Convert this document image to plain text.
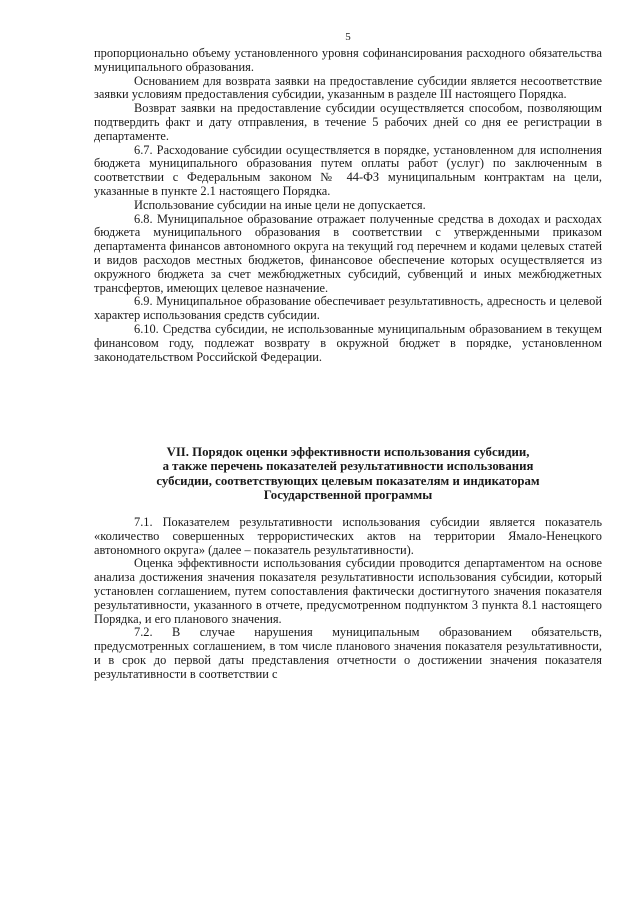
5

пропорционально объему установленного уровня софинансирования расходного обязательства муниципального образования.

Основанием для возврата заявки на предоставление субсидии является несоответствие заявки условиям предоставления субсидии, указанным в разделе III настоящего Порядка.

Возврат заявки на предоставление субсидии осуществляется способом, позволяющим подтвердить факт и дату отправления, в течение 5 рабочих дней со дня ее регистрации в департаменте.

6.7. Расходование субсидии осуществляется в порядке, установленном для исполнения бюджета муниципального образования путем оплаты работ (услуг) по заключенным в соответствии с Федеральным законом № 44-ФЗ муниципальным контрактам на цели, указанные в пункте 2.1 настоящего Порядка.

Использование субсидии на иные цели не допускается.

6.8. Муниципальное образование отражает полученные средства в доходах и расходах бюджета муниципального образования в соответствии с утвержденными приказом департамента финансов автономного округа на текущий год перечнем и кодами целевых статей и видов расходов местных бюджетов, финансовое обеспечение которых осуществляется из окружного бюджета за счет межбюджетных субсидий, субвенций и иных межбюджетных трансфертов, имеющих целевое назначение.

6.9. Муниципальное образование обеспечивает результативность, адресность и целевой характер использования средств субсидии.

6.10. Средства субсидии, не использованные муниципальным образованием в текущем финансовом году, подлежат возврату в окружной бюджет в порядке, установленном законодательством Российской Федерации.

VII. Порядок оценки эффективности использования субсидии,
а также перечень показателей результативности использования
субсидии, соответствующих целевым показателям и индикаторам
Государственной программы

7.1. Показателем результативности использования субсидии является показатель «количество совершенных террористических актов на территории Ямало-Ненецкого автономного округа» (далее – показатель результативности).

Оценка эффективности использования субсидии проводится департаментом на основе анализа достижения значения показателя результативности использования субсидии, который установлен соглашением, путем сопоставления фактически достигнутого значения показателя результативности, указанного в отчете, предусмотренном подпунктом 3 пункта 8.1 настоящего Порядка, и его планового значения.

7.2. В случае нарушения муниципальным образованием обязательств, предусмотренных соглашением, в том числе планового значения показателя результативности, и в срок до первой даты представления отчетности о достижении значения показателя результативности в соответствии с
